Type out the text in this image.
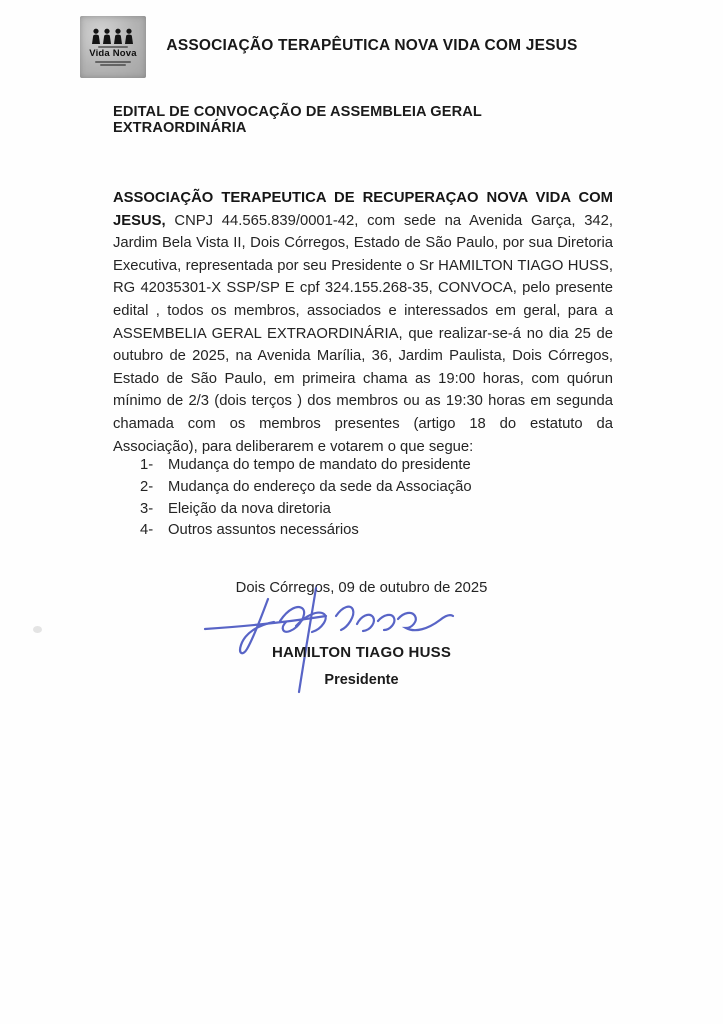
Vida Nova	ASSOCIAÇÃO TERAPÊUTICA NOVA VIDA COM JESUS
EDITAL DE CONVOCAÇÃO DE ASSEMBLEIA GERAL EXTRAORDINÁRIA
ASSOCIAÇÃO TERAPEUTICA DE RECUPERAÇAO NOVA VIDA COM JESUS, CNPJ 44.565.839/0001-42, com sede na Avenida Garça, 342, Jardim Bela Vista II, Dois Córregos, Estado de São Paulo, por sua Diretoria Executiva, representada por seu Presidente o Sr HAMILTON TIAGO HUSS, RG 42035301-X SSP/SP E cpf 324.155.268-35, CONVOCA, pelo presente edital , todos os membros, associados e interessados em geral, para a ASSEMBELIA GERAL EXTRAORDINÁRIA, que realizar-se-á no dia 25 de outubro de 2025, na Avenida Marília, 36, Jardim Paulista, Dois Córregos, Estado de São Paulo, em primeira chama as 19:00 horas, com quórun mínimo de 2/3 (dois terços ) dos membros ou as 19:30 horas em segunda chamada com os membros presentes (artigo 18 do estatuto da Associação), para deliberarem e votarem o que segue:
1-	Mudança do tempo de mandato do presidente
2-	Mudança do endereço da sede da Associação
3-	Eleição da nova diretoria
4-	Outros assuntos necessários
Dois Córregos, 09 de outubro de 2025
HAMILTON TIAGO HUSS
Presidente
